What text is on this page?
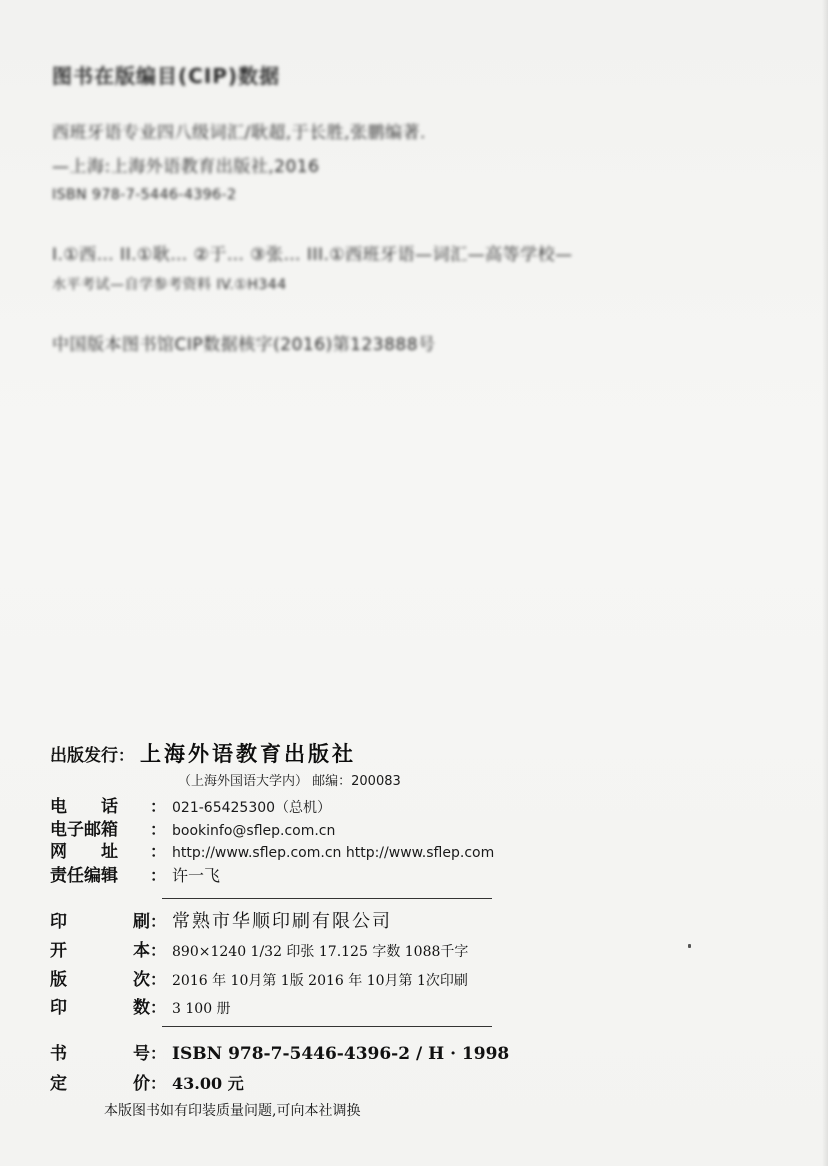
图书在版编目(CIP)数据
西班牙语专业四八级词汇/耿超,于长胜,张鹏编著.
—上海:上海外语教育出版社,2016
ISBN 978-7-5446-4396-2
I.①西… II.①耿… ②于… ③张… III.①西班牙语—词汇—高等学校—
水平考试—自学参考资料 IV.①H344
中国版本图书馆CIP数据核字(2016)第123888号
出版发行 ： 上海外语教育出版社
（上海外国语大学内） 邮编：200083
电　　话	： 021-65425300（总机）
电子邮箱	： bookinfo@sflep.com.cn
网　　址	： http://www.sflep.com.cn http://www.sflep.com
责任编辑	： 许一飞
印	刷 ： 常熟市华顺印刷有限公司
开	本 ： 890×1240 1/32 印张 17.125 字数 1088千字
版	次 ： 2016 年 10月第 1版 2016 年 10月第 1次印刷
印	数 ： 3 100 册
书	号 ： ISBN 978-7-5446-4396-2 / H · 1998
定	价 ： 43.00 元
本版图书如有印装质量问题,可向本社调换
